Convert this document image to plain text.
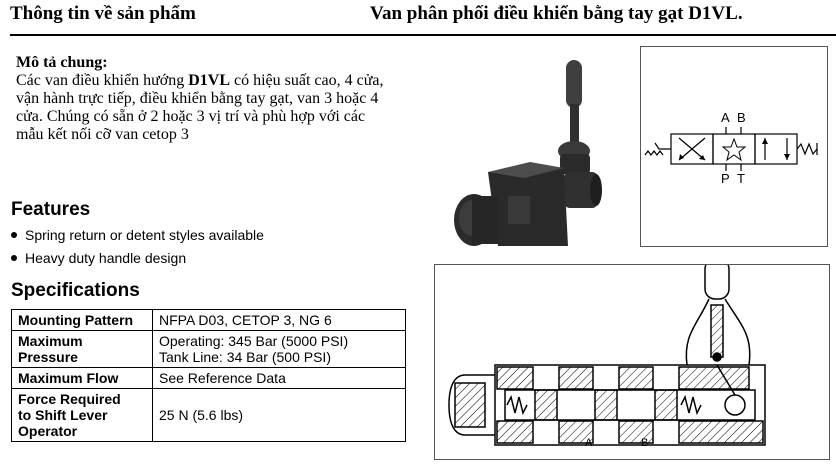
Thông tin về sản phẩm	Van phân phối điều khiển bằng tay gạt D1VL.
Mô tả chung:
Các van điều khiển hướng D1VL có hiệu suất cao, 4 cửa,
vận hành trực tiếp, điều khiển bằng tay gạt, van 3 hoặc 4
cửa. Chúng có sẵn ở 2 hoặc 3 vị trí và phù hợp với các
mẫu kết nối cỡ van cetop 3
Features
Spring return or detent styles available
Heavy duty handle design
Specifications
Mounting Pattern	NFPA D03, CETOP 3, NG 6
Maximum
Pressure	Operating: 345 Bar (5000 PSI)
Tank Line: 34 Bar (500 PSI)
Maximum Flow	See Reference Data
Force Required
to Shift Lever
Operator	25 N (5.6 lbs)
A B
P T
A	B
